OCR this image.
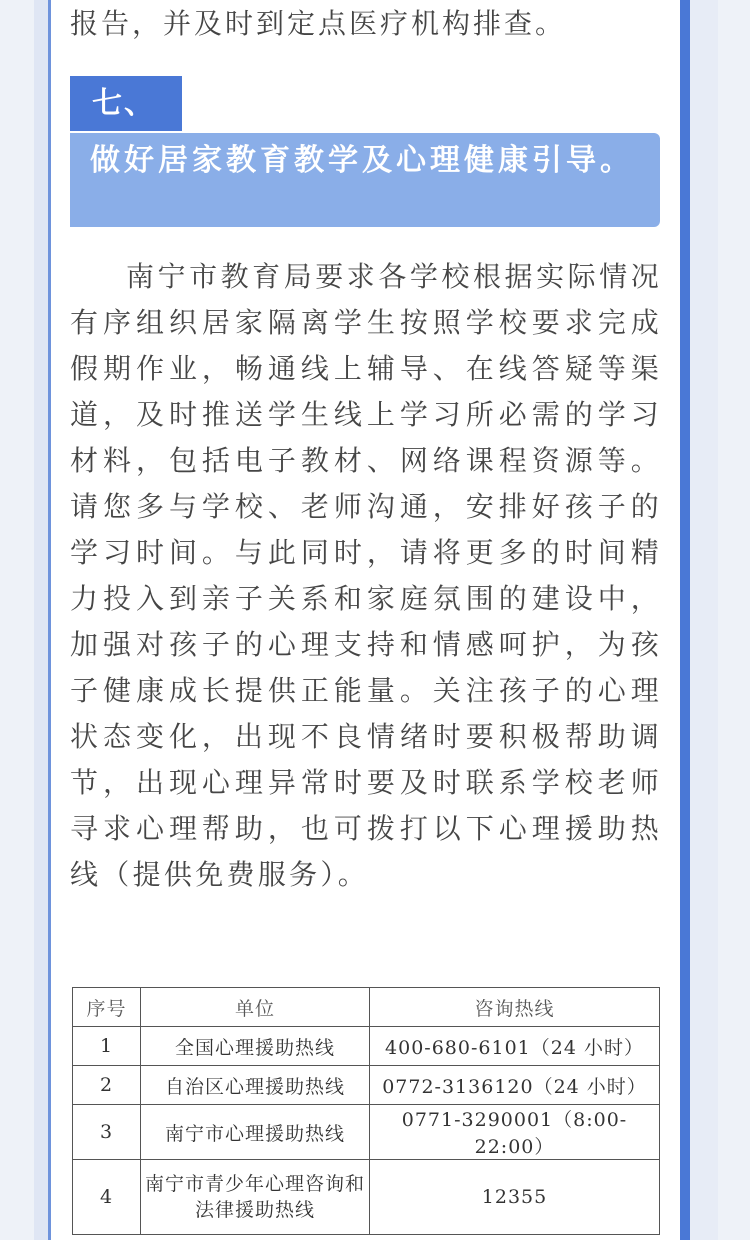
报告，并及时到定点医疗机构排查。
七、
做好居家教育教学及心理健康引导。

南宁市教育局要求各学校根据实际情况有序组织居家隔离学生按照学校要求完成假期作业，畅通线上辅导、在线答疑等渠道，及时推送学生线上学习所必需的学习材料，包括电子教材、网络课程资源等。请您多与学校、老师沟通，安排好孩子的学习时间。与此同时，请将更多的时间精力投入到亲子关系和家庭氛围的建设中，加强对孩子的心理支持和情感呵护，为孩子健康成长提供正能量。关注孩子的心理状态变化，出现不良情绪时要积极帮助调节，出现心理异常时要及时联系学校老师寻求心理帮助，也可拨打以下心理援助热线（提供免费服务）。

序号	单位	咨询热线
1	全国心理援助热线	400-680-6101（24 小时）
2	自治区心理援助热线	0772-3136120（24 小时）
3	南宁市心理援助热线	0771-3290001（8:00-22:00）
4	南宁市青少年心理咨询和法律援助热线	12355
